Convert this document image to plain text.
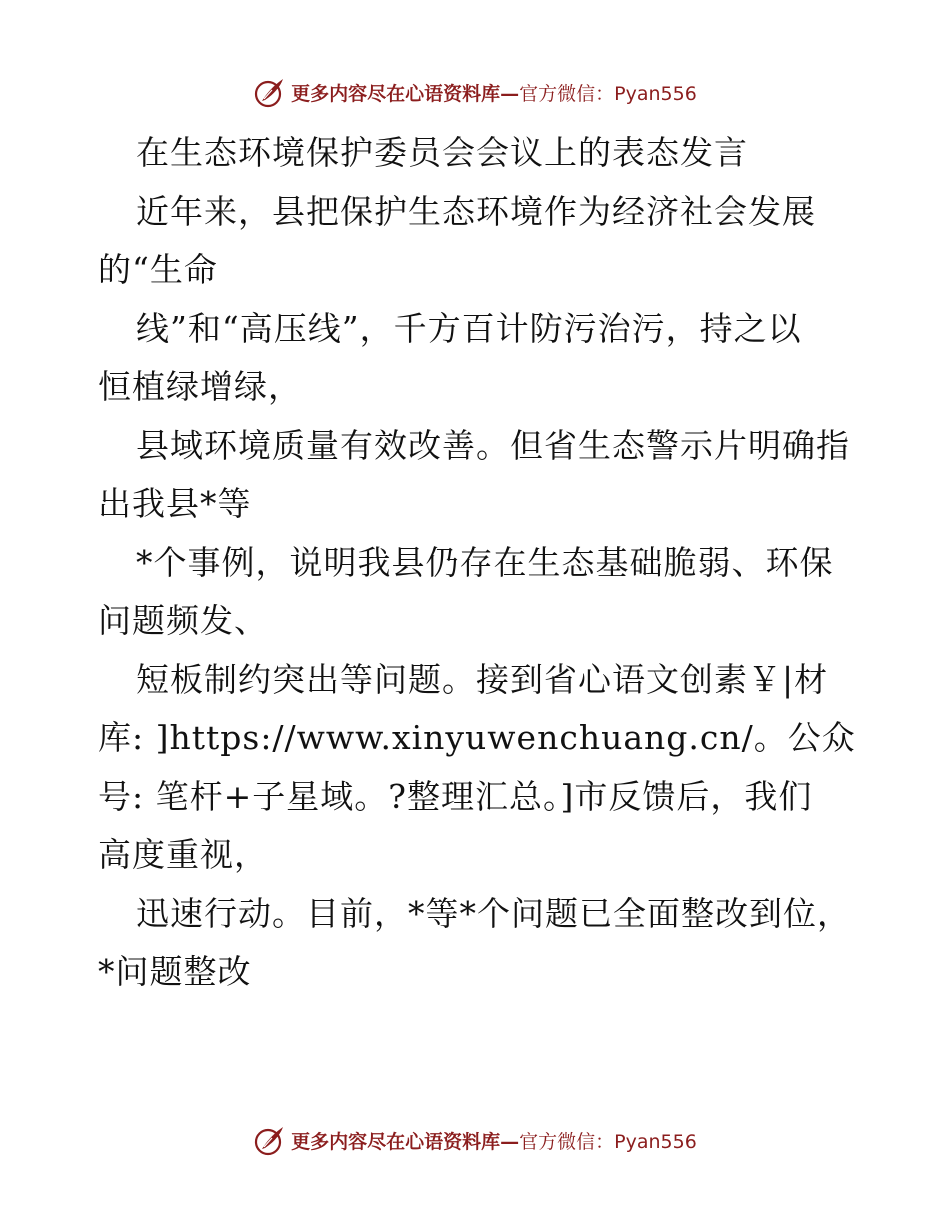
更多内容尽在心语资料库— 官方微信：Pyan556
在生态环境保护委员会会议上的表态发言
近年来，县把保护生态环境作为经济社会发展
的“生命
线”和“高压线”，千方百计防污治污，持之以
恒植绿增绿，
县域环境质量有效改善。但省生态警示片明确指
出我县*等
*个事例，说明我县仍存在生态基础脆弱、环保
问题频发、
短板制约突出等问题。接到省心语文创素￥|材
库: ]https://www.xinyuwenchuang.cn/。公众
号: 笔杆+子星域。?整理汇总。]市反馈后，我们
高度重视，
迅速行动。目前，*等*个问题已全面整改到位，
*问题整改
更多内容尽在心语资料库— 官方微信：Pyan556
